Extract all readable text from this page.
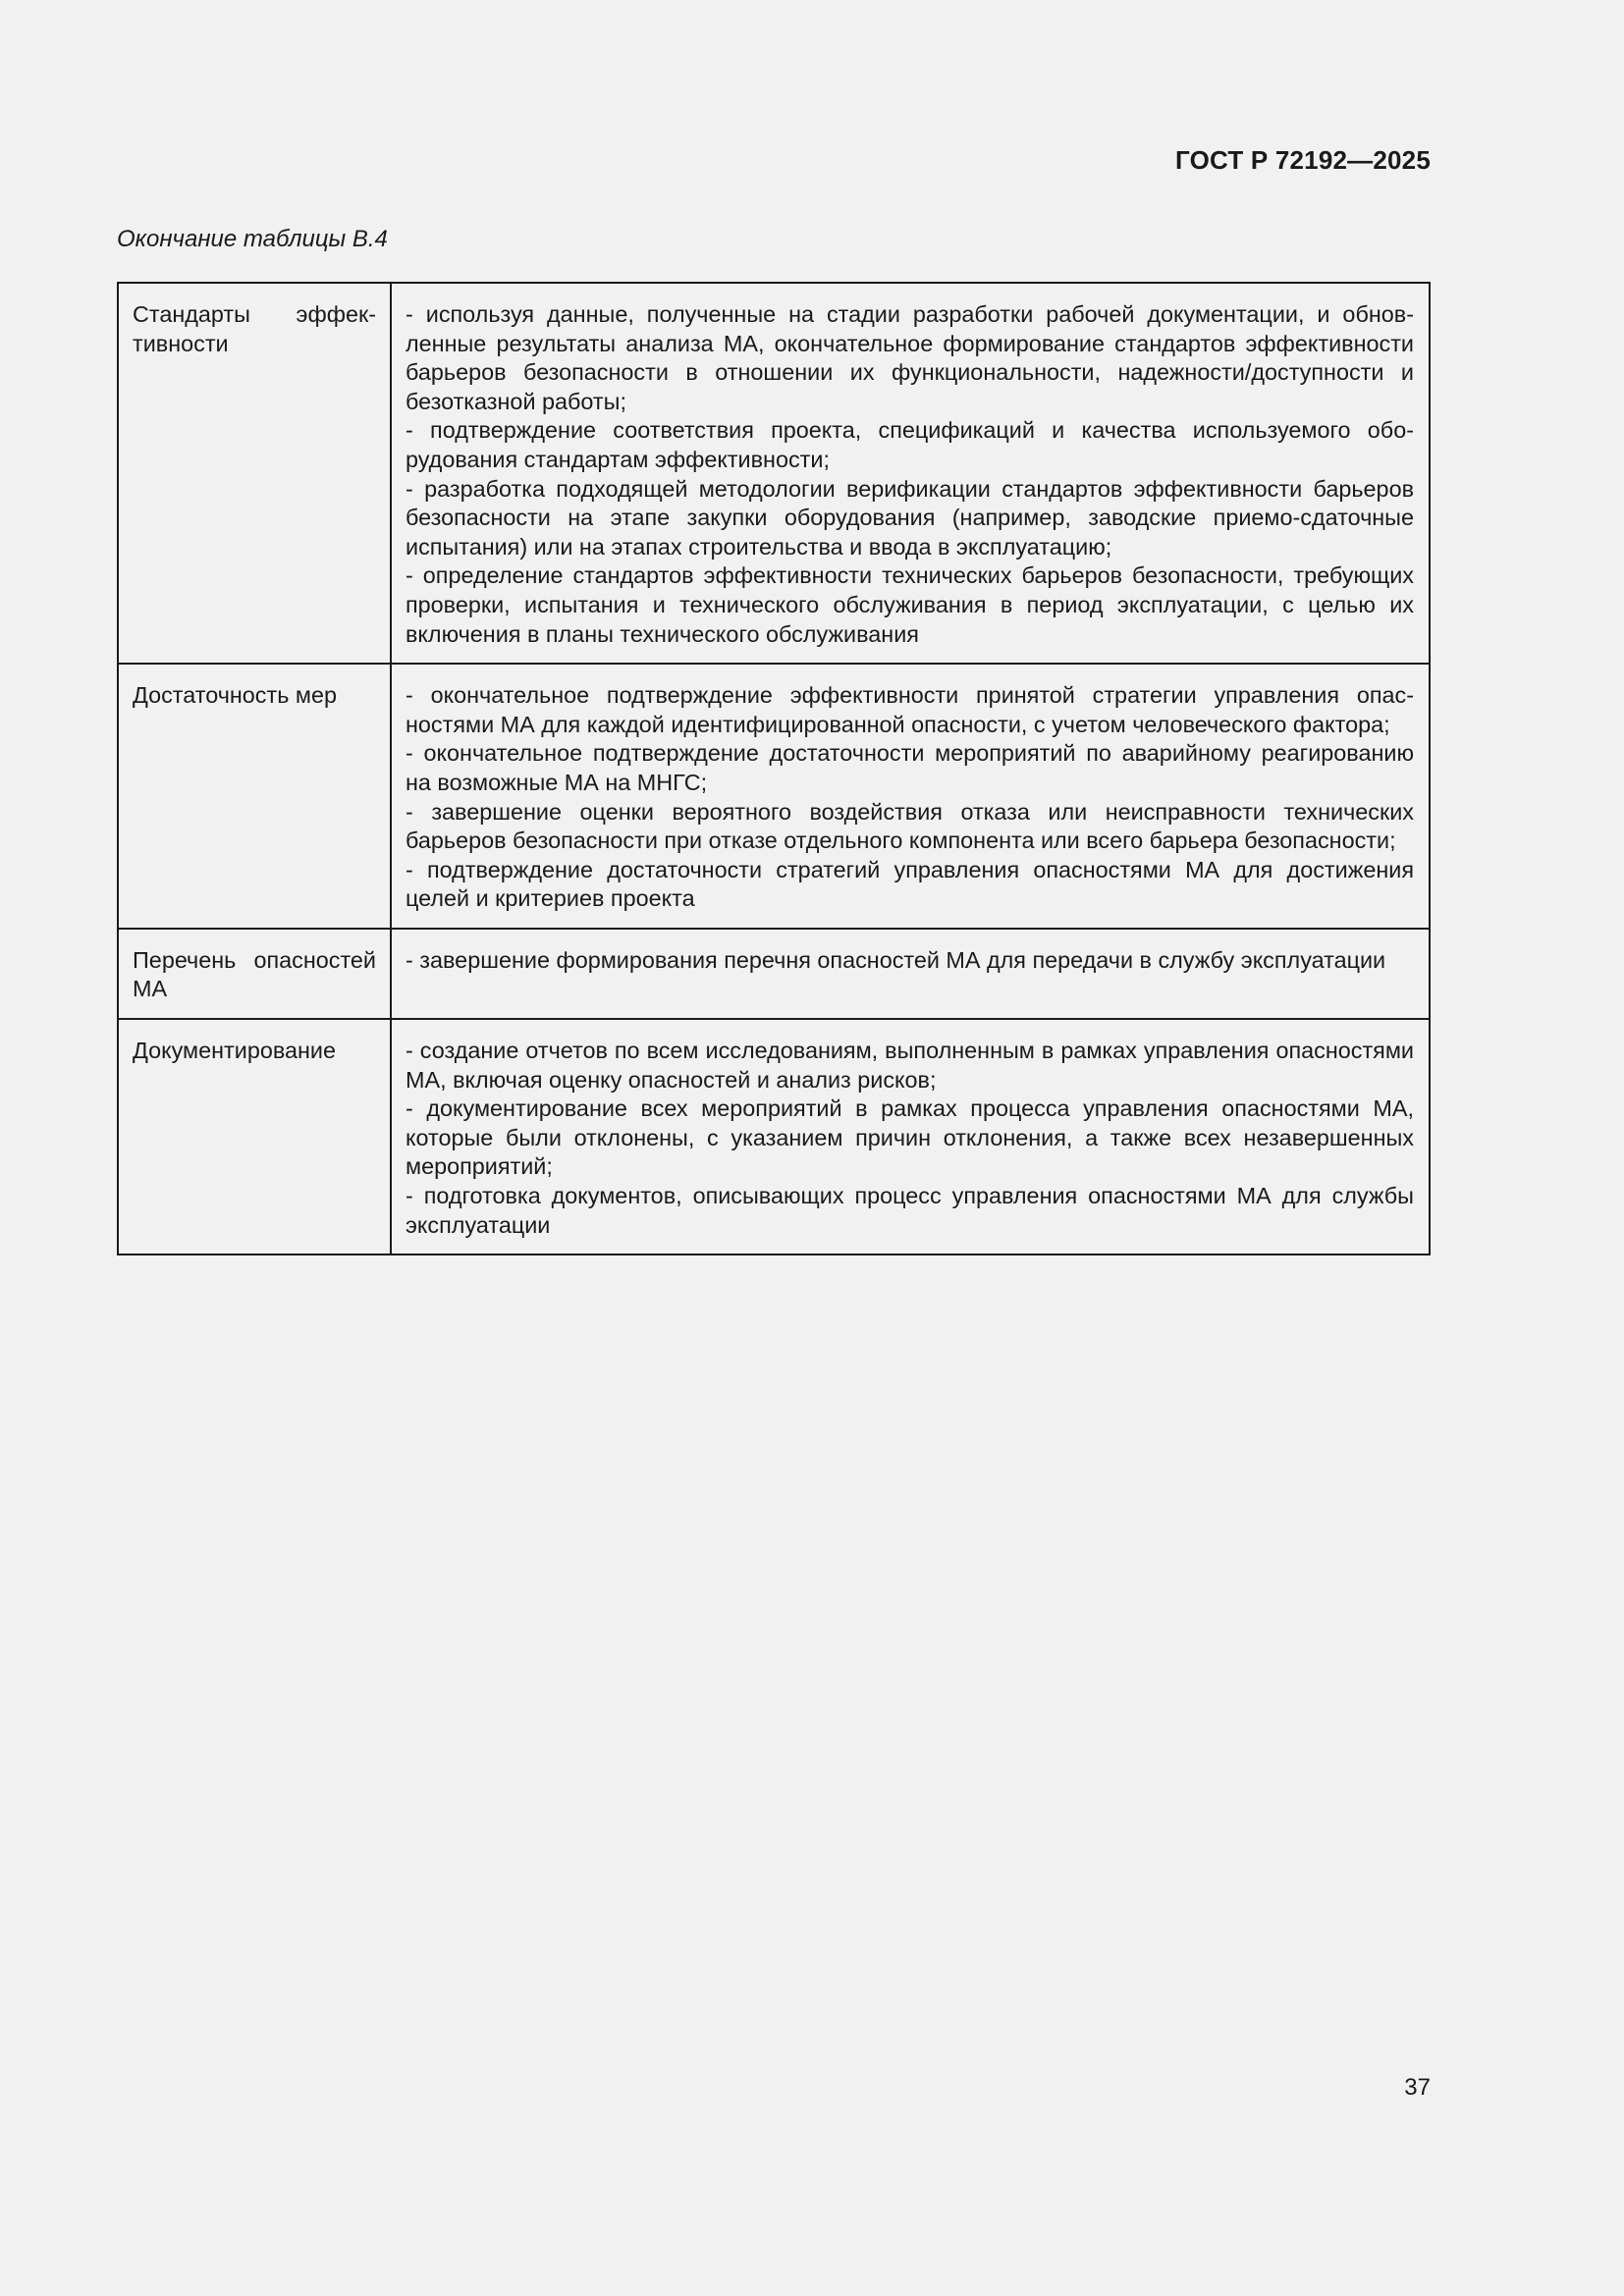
ГОСТ Р 72192—2025
Окончание таблицы В.4
Стандарты эффективности	- используя данные, полученные на стадии разработки рабочей документации, и обновленные результаты анализа МА, окончательное формирование стандартов эффективности барьеров безопасности в отношении их функциональности, надежности/доступности и безотказной работы;
- подтверждение соответствия проекта, спецификаций и качества используемого оборудования стандартам эффективности;
- разработка подходящей методологии верификации стандартов эффективности барьеров безопасности на этапе закупки оборудования (например, заводские приемо-сдаточные испытания) или на этапах строительства и ввода в эксплуатацию;
- определение стандартов эффективности технических барьеров безопасности, требующих проверки, испытания и технического обслуживания в период эксплуатации, с целью их включения в планы технического обслуживания

Достаточность мер	- окончательное подтверждение эффективности принятой стратегии управления опасностями МА для каждой идентифицированной опасности, с учетом человеческого фактора;
- окончательное подтверждение достаточности мероприятий по аварийному реагированию на возможные МА на МНГС;
- завершение оценки вероятного воздействия отказа или неисправности технических барьеров безопасности при отказе отдельного компонента или всего барьера безопасности;
- подтверждение достаточности стратегий управления опасностями МА для достижения целей и критериев проекта

Перечень опасностей МА	- завершение формирования перечня опасностей МА для передачи в службу эксплуатации

Документирование	- создание отчетов по всем исследованиям, выполненным в рамках управления опасностями МА, включая оценку опасностей и анализ рисков;
- документирование всех мероприятий в рамках процесса управления опасностями МА, которые были отклонены, с указанием причин отклонения, а также всех незавершенных мероприятий;
- подготовка документов, описывающих процесс управления опасностями МА для службы эксплуатации
37
